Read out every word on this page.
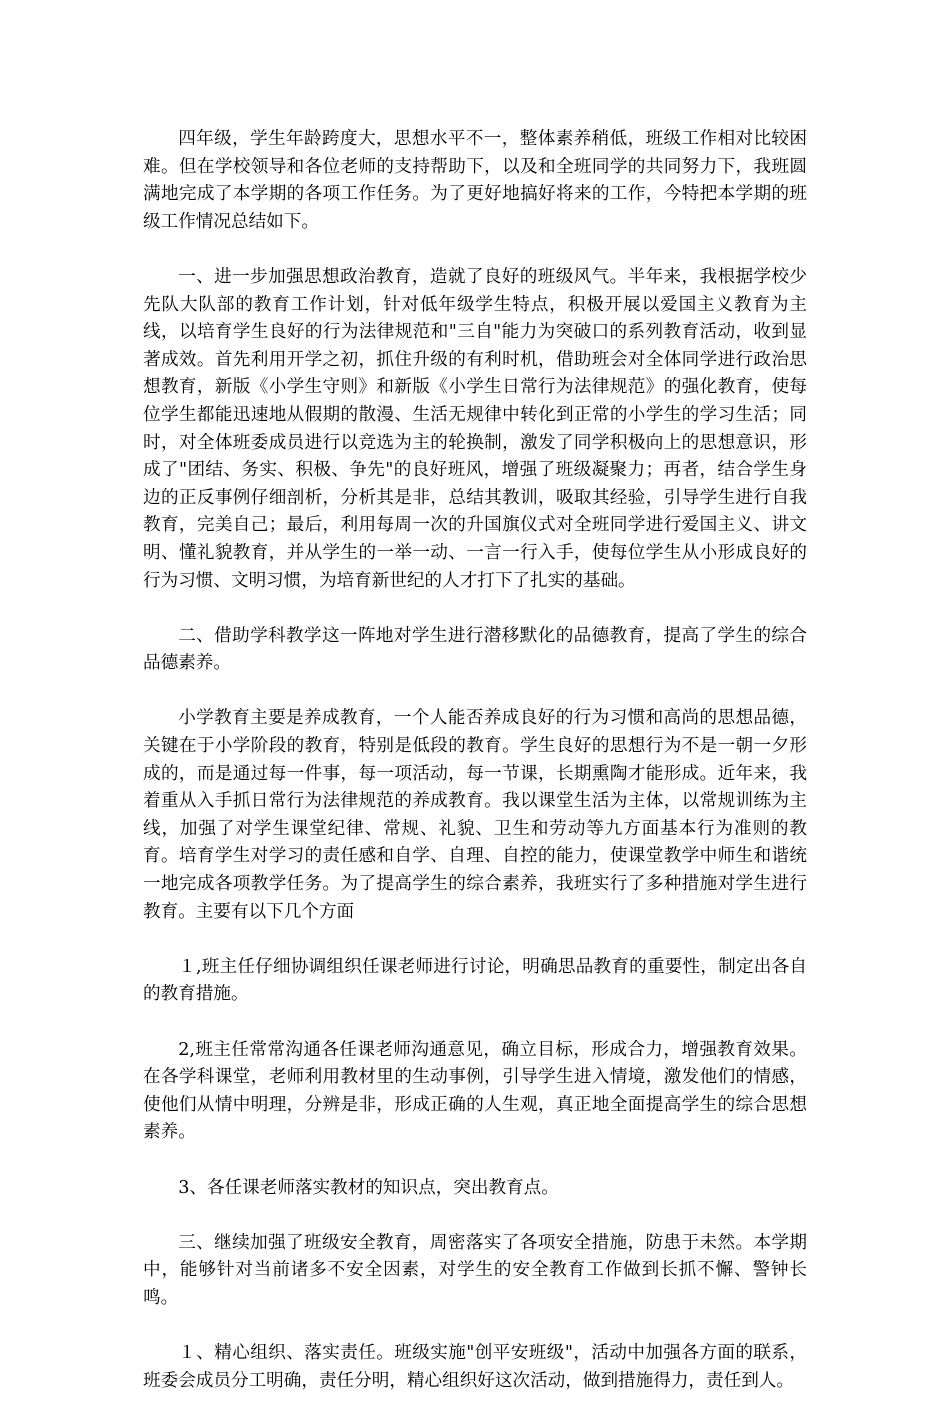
四年级，学生年龄跨度大，思想水平不一，整体素养稍低，班级工作相对比较困难。但在学校领导和各位老师的支持帮助下，以及和全班同学的共同努力下，我班圆满地完成了本学期的各项工作任务。为了更好地搞好将来的工作，今特把本学期的班级工作情况总结如下。

一、进一步加强思想政治教育，造就了良好的班级风气。半年来，我根据学校少先队大队部的教育工作计划，针对低年级学生特点，积极开展以爱国主义教育为主线，以培育学生良好的行为法律规范和"三自"能力为突破口的系列教育活动，收到显著成效。首先利用开学之初，抓住升级的有利时机，借助班会对全体同学进行政治思想教育，新版《小学生守则》和新版《小学生日常行为法律规范》的强化教育，使每位学生都能迅速地从假期的散漫、生活无规律中转化到正常的小学生的学习生活；同时，对全体班委成员进行以竞选为主的轮换制，激发了同学积极向上的思想意识，形成了"团结、务实、积极、争先"的良好班风，增强了班级凝聚力；再者，结合学生身边的正反事例仔细剖析，分析其是非，总结其教训，吸取其经验，引导学生进行自我教育，完美自己；最后，利用每周一次的升国旗仪式对全班同学进行爱国主义、讲文明、懂礼貌教育，并从学生的一举一动、一言一行入手，使每位学生从小形成良好的行为习惯、文明习惯，为培育新世纪的人才打下了扎实的基础。

二、借助学科教学这一阵地对学生进行潜移默化的品德教育，提高了学生的综合品德素养。

小学教育主要是养成教育，一个人能否养成良好的行为习惯和高尚的思想品德，关键在于小学阶段的教育，特别是低段的教育。学生良好的思想行为不是一朝一夕形成的，而是通过每一件事，每一项活动，每一节课，长期熏陶才能形成。近年来，我着重从入手抓日常行为法律规范的养成教育。我以课堂生活为主体，以常规训练为主线，加强了对学生课堂纪律、常规、礼貌、卫生和劳动等九方面基本行为准则的教育。培育学生对学习的责任感和自学、自理、自控的能力，使课堂教学中师生和谐统一地完成各项教学任务。为了提高学生的综合素养，我班实行了多种措施对学生进行教育。主要有以下几个方面

１,班主任仔细协调组织任课老师进行讨论，明确思品教育的重要性，制定出各自的教育措施。

2,班主任常常沟通各任课老师沟通意见，确立目标，形成合力，增强教育效果。在各学科课堂，老师利用教材里的生动事例，引导学生进入情境，激发他们的情感，使他们从情中明理，分辨是非，形成正确的人生观，真正地全面提高学生的综合思想素养。

3、各任课老师落实教材的知识点，突出教育点。

三、继续加强了班级安全教育，周密落实了各项安全措施，防患于未然。本学期中，能够针对当前诸多不安全因素，对学生的安全教育工作做到长抓不懈、警钟长鸣。

１、精心组织、落实责任。班级实施"创平安班级"，活动中加强各方面的联系，班委会成员分工明确，责任分明，精心组织好这次活动，做到措施得力，责任到人。
